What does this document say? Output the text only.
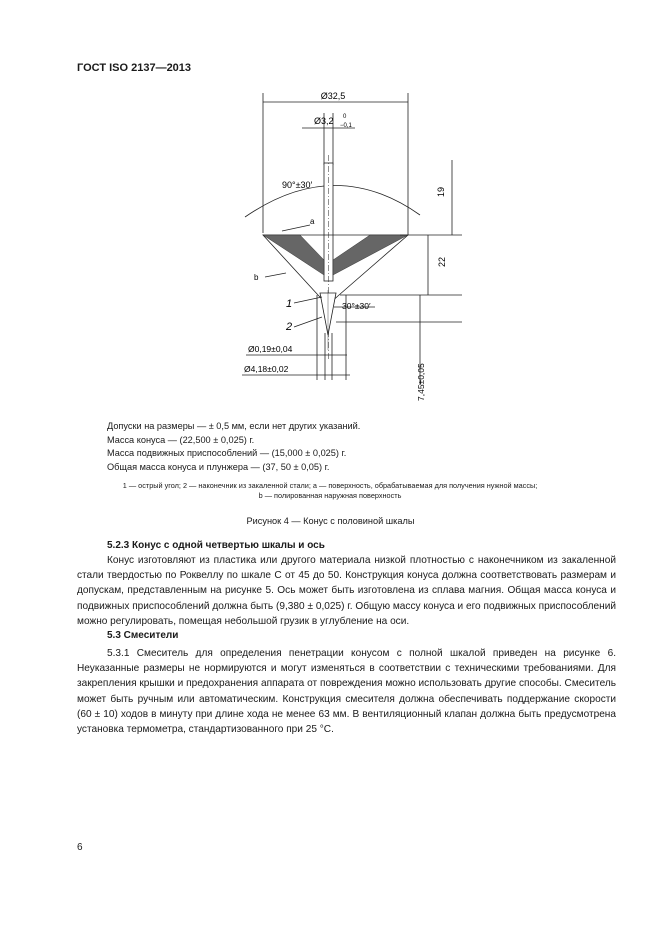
ГОСТ ISO 2137—2013
Ø32,5
Ø3,2 0
−0,1
90°±30′
19
22
a
b
1
2
30°±30′
Ø0,19±0,04
Ø4,18±0,02	7,45±0,05
Допуски на размеры — ± 0,5 мм, если нет других указаний.
Масса конуса — (22,500 ± 0,025) г.
Масса подвижных приспособлений — (15,000 ± 0,025) г.
Общая масса конуса и плунжера — (37, 50 ± 0,05) г.
1 — острый угол; 2 — наконечник из закаленной стали; a — поверхность, обрабатываемая для получения нужной массы;
b — полированная наружная поверхность
Рисунок 4 — Конус с половиной шкалы
5.2.3 Конус с одной четвертью шкалы и ось
Конус изготовляют из пластика или другого материала низкой плотностью с наконечником из закаленной стали твердостью по Роквеллу по шкале С от 45 до 50. Конструкция конуса должна соответствовать размерам и допускам, представленным на рисунке 5. Ось может быть изготовлена из сплава магния. Общая масса конуса и подвижных приспособлений должна быть (9,380 ± 0,025) г. Общую массу конуса и его подвижных приспособлений можно регулировать, помещая небольшой грузик в углубление на оси.
5.3 Смесители
5.3.1 Смеситель для определения пенетрации конусом с полной шкалой приведен на рисунке 6. Неуказанные размеры не нормируются и могут изменяться в соответствии с техническими требованиями. Для закрепления крышки и предохранения аппарата от повреждения можно использовать другие способы. Смеситель может быть ручным или автоматическим. Конструкция смесителя должна обеспечивать поддержание скорости (60 ± 10) ходов в минуту при длине хода не менее 63 мм. В вентиляционный клапан должна быть предусмотрена установка термометра, стандартизованного при 25 °С.
6
